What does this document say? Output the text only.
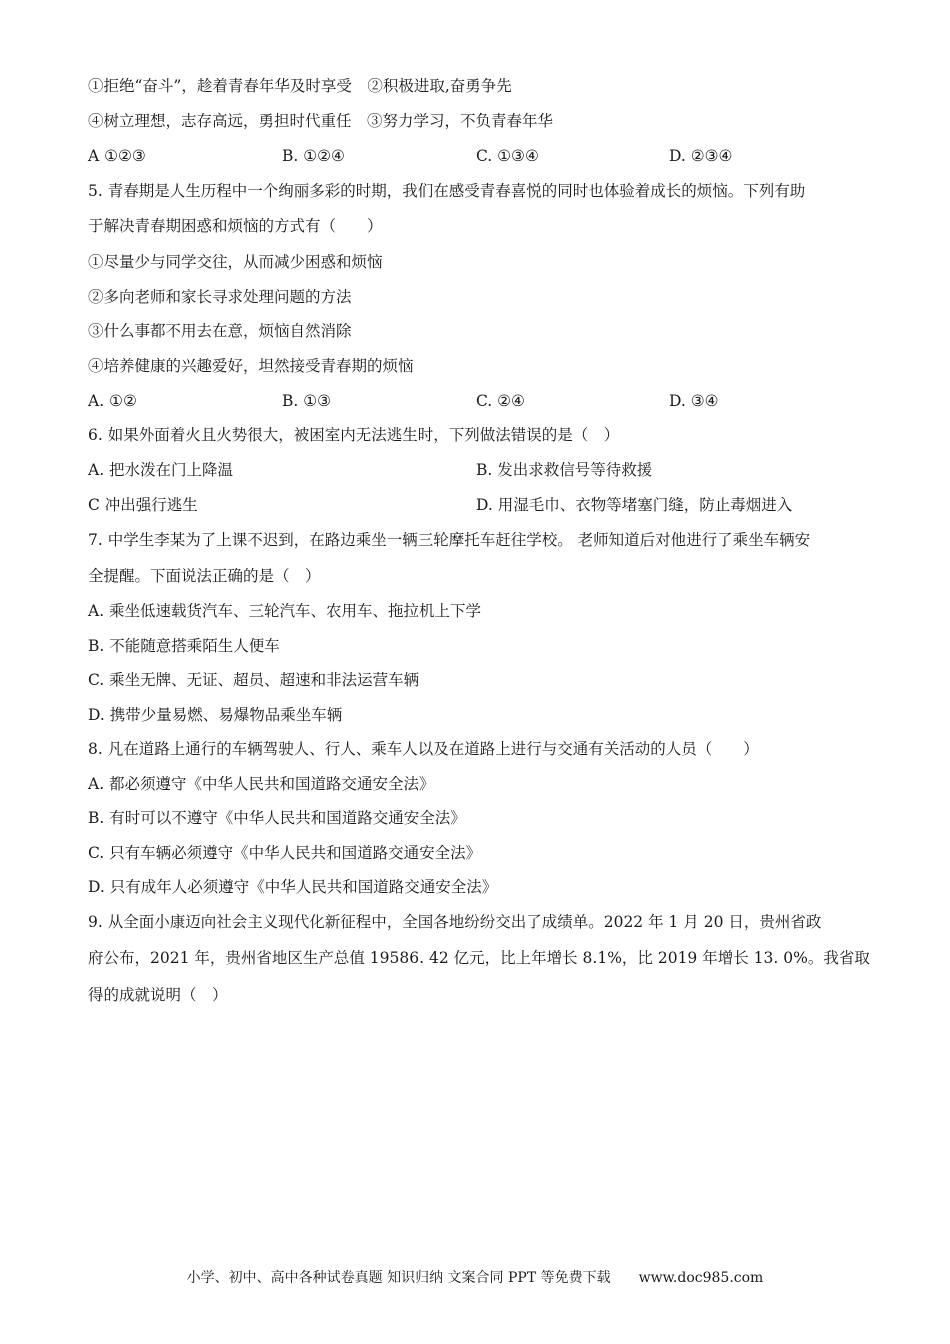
①拒绝“奋斗”，趁着青春年华及时享受　②积极进取,奋勇争先
④树立理想，志存高远，勇担时代重任　③努力学习，不负青春年华
A ①②③	B. ①②④	C. ①③④	D. ②③④
5. 青春期是人生历程中一个绚丽多彩的时期，我们在感受青春喜悦的同时也体验着成长的烦恼。下列有助
于解决青春期困惑和烦恼的方式有（　　）
①尽量少与同学交往，从而减少困惑和烦恼
②多向老师和家长寻求处理问题的方法
③什么事都不用去在意，烦恼自然消除
④培养健康的兴趣爱好，坦然接受青春期的烦恼
A. ①②	B. ①③	C. ②④	D. ③④
6. 如果外面着火且火势很大，被困室内无法逃生时，下列做法错误的是（　）
A. 把水泼在门上降温	B. 发出求救信号等待救援
C 冲出强行逃生	D. 用湿毛巾、衣物等堵塞门缝，防止毒烟进入
7. 中学生李某为了上课不迟到，在路边乘坐一辆三轮摩托车赶往学校。 老师知道后对他进行了乘坐车辆安
全提醒。下面说法正确的是（　）
A. 乘坐低速载货汽车、三轮汽车、农用车、拖拉机上下学
B. 不能随意搭乘陌生人便车
C. 乘坐无牌、无证、超员、超速和非法运营车辆
D. 携带少量易燃、易爆物品乘坐车辆
8. 凡在道路上通行的车辆驾驶人、行人、乘车人以及在道路上进行与交通有关活动的人员（　　）
A. 都必须遵守《中华人民共和国道路交通安全法》
B. 有时可以不遵守《中华人民共和国道路交通安全法》
C. 只有车辆必须遵守《中华人民共和国道路交通安全法》
D. 只有成年人必须遵守《中华人民共和国道路交通安全法》
9. 从全面小康迈向社会主义现代化新征程中，全国各地纷纷交出了成绩单。2022 年 1 月 20 日，贵州省政
府公布，2021 年，贵州省地区生产总值 19586. 42 亿元，比上年增长 8.1%，比 2019 年增长 13. 0%。我省取
得的成就说明（　）
小学、初中、高中各种试卷真题 知识归纳 文案合同 PPT 等免费下载　　www.doc985.com
